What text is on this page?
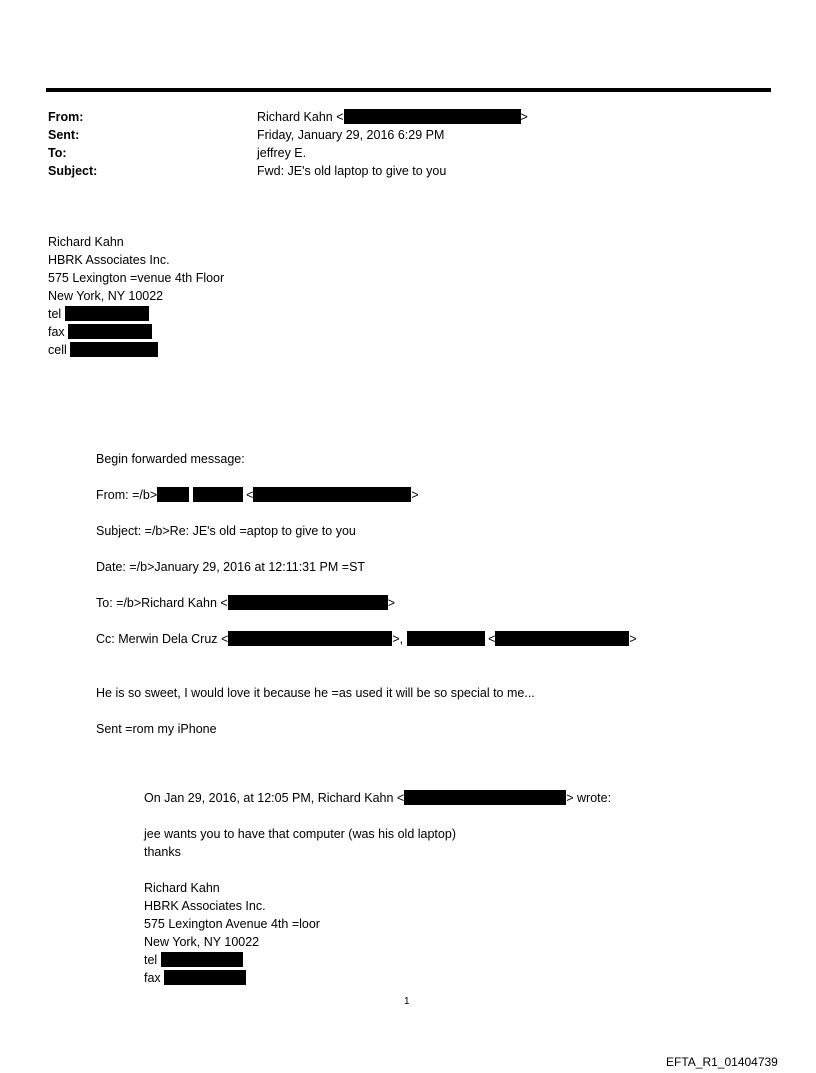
From:	Richard Kahn <	>
Sent:	Friday, January 29, 2016 6:29 PM
To:	jeffrey E.
Subject:	Fwd: JE's old laptop to give to you
Richard Kahn
HBRK Associates Inc.
575 Lexington =venue 4th Floor
New York, NY 10022
tel
fax
cell
Begin forwarded message:
From: =/b>	<	>
Subject: =/b>Re: JE's old =aptop to give to you
Date: =/b>January 29, 2016 at 12:11:31 PM =ST
To: =/b>Richard Kahn <	>
Cc: Merwin Dela Cruz <	>,	<	>
He is so sweet, I would love it because he =as used it will be so special to me...
Sent =rom my iPhone
On Jan 29, 2016, at 12:05 PM, Richard Kahn <	> wrote:
jee wants you to have that computer (was his old laptop)
thanks
Richard Kahn
HBRK Associates Inc.
575 Lexington Avenue 4th =loor
New York, NY 10022
tel
fax
1
EFTA_R1_01404739
